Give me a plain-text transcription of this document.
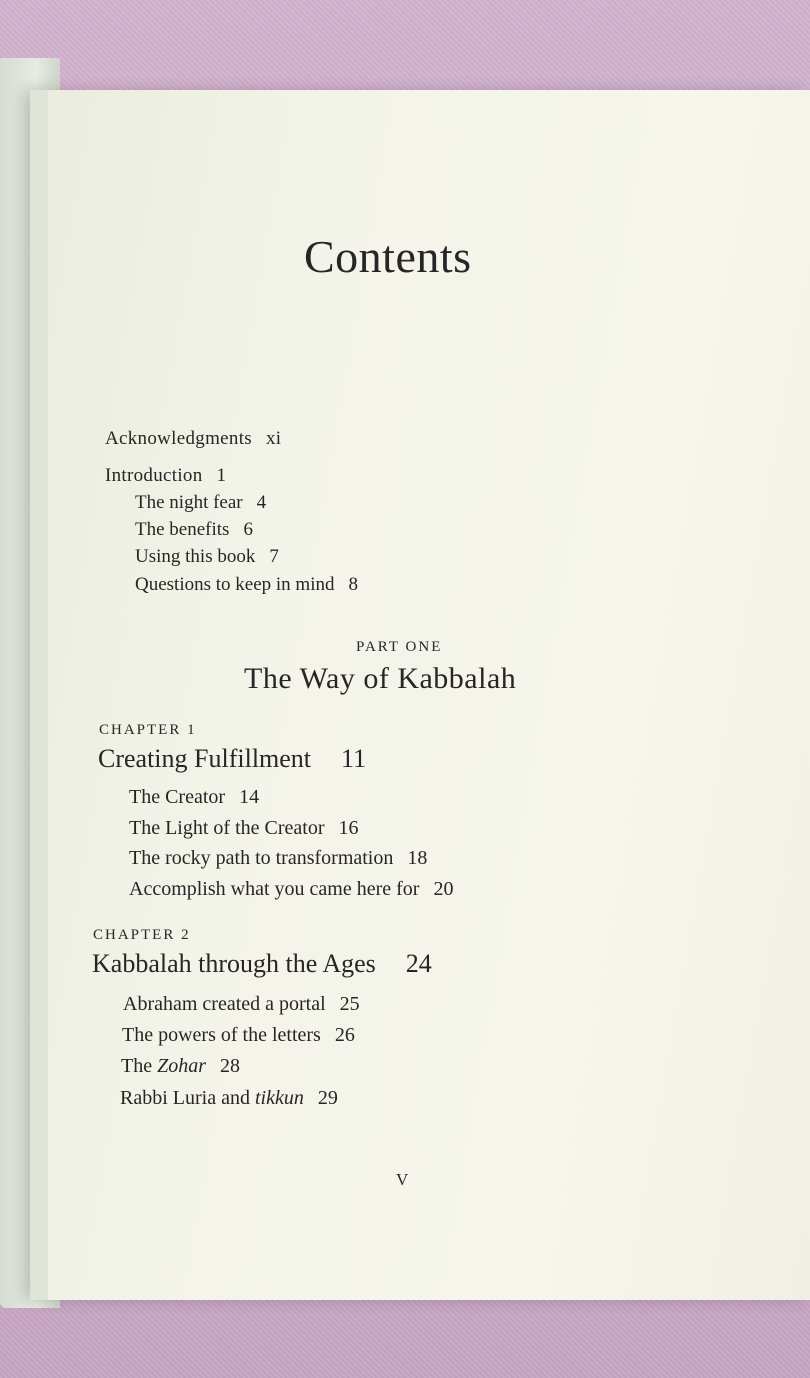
Contents
Acknowledgments xi
Introduction 1
The night fear 4
The benefits 6
Using this book 7
Questions to keep in mind 8
PART ONE
The Way of Kabbalah
CHAPTER 1
Creating Fulfillment 11
The Creator 14
The Light of the Creator 16
The rocky path to transformation 18
Accomplish what you came here for 20
CHAPTER 2
Kabbalah through the Ages 24
Abraham created a portal 25
The powers of the letters 26
The Zohar 28
Rabbi Luria and tikkun 29
V
